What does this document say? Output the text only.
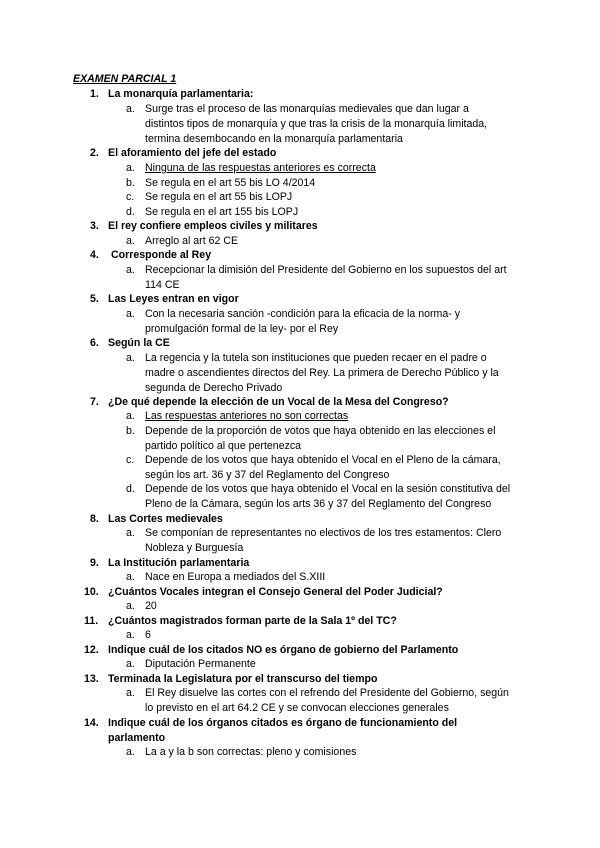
EXAMEN PARCIAL 1
1. La monarquía parlamentaria:
a. Surge tras el proceso de las monarquías medievales que dan lugar a
distintos tipos de monarquía y que tras la crisis de la monarquía limitada,
termina desembocando en la monarquía parlamentaria
2. El aforamiento del jefe del estado
a. Ninguna de las respuestas anteriores es correcta
b. Se regula en el art 55 bis LO 4/2014
c.	Se regula en el art 55 bis LOPJ
d. Se regula en el art 155 bis LOPJ
3. El rey confiere empleos civiles y militares
a. Arreglo al art 62 CE
4.	Corresponde al Rey
a. Recepcionar la dimisión del Presidente del Gobierno en los supuestos del art
114 CE
5. Las Leyes entran en vigor
a. Con la necesaria sanción -condición para la eficacia de la norma- y
promulgación formal de la ley- por el Rey
6. Según la CE
a. La regencia y la tutela son instituciones que pueden recaer en el padre o
madre o ascendientes directos del Rey. La primera de Derecho Público y la
segunda de Derecho Privado
7. ¿De qué depende la elección de un Vocal de la Mesa del Congreso?
a. Las respuestas anteriores no son correctas
b. Depende de la proporción de votos que haya obtenido en las elecciones el
partido político al que pertenezca
c.	Depende de los votos que haya obtenido el Vocal en el Pleno de la cámara,
según los art. 36 y 37 del Reglamento del Congreso
d. Depende de los votos que haya obtenido el Vocal en la sesión constitutiva del
Pleno de la Cámara, según los arts 36 y 37 del Reglamento del Congreso
8. Las Cortes medievales
a. Se componían de representantes no electivos de los tres estamentos: Clero
Nobleza y Burguesía
9. La Institución parlamentaria
a. Nace en Europa a mediados del S.XIII
10. ¿Cuántos Vocales integran el Consejo General del Poder Judicial?
a. 20
11. ¿Cuántos magistrados forman parte de la Sala 1º del TC?
a. 6
12. Indique cuál de los citados NO es órgano de gobierno del Parlamento
a. Diputación Permanente
13. Terminada la Legislatura por el transcurso del tiempo
a. El Rey disuelve las cortes con el refrendo del Presidente del Gobierno, según
lo previsto en el art 64.2 CE y se convocan elecciones generales
14. Indique cuál de los órganos citados es órgano de funcionamiento del
parlamento
a. La a y la b son correctas: pleno y comisiones
